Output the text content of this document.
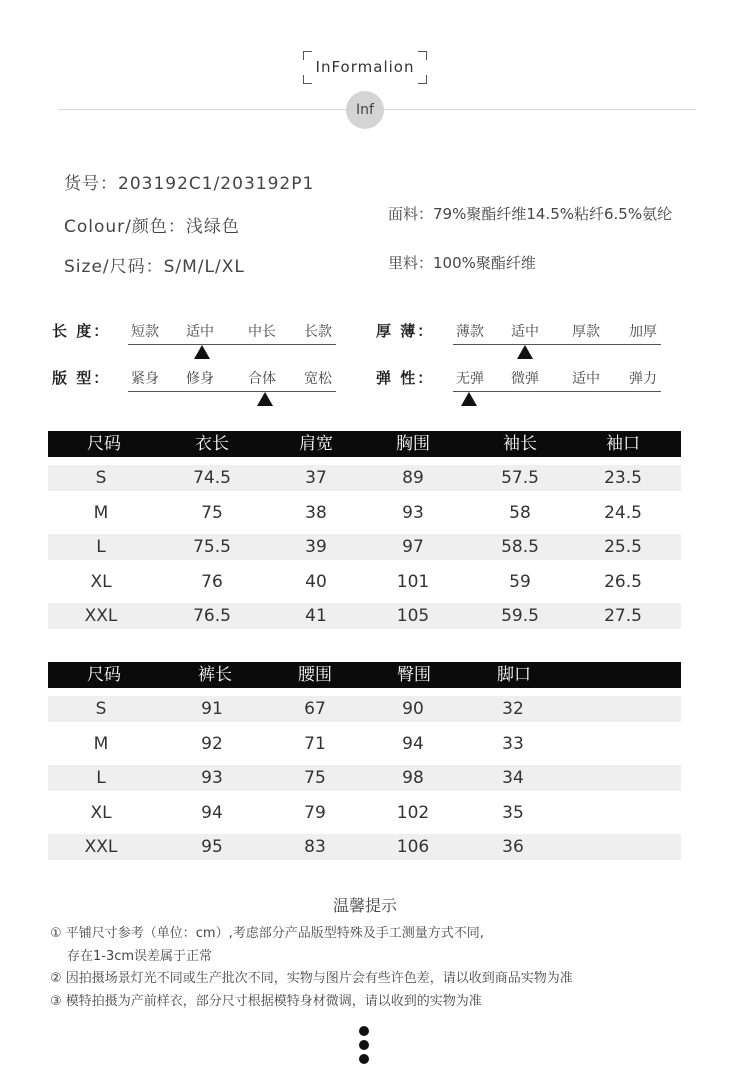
InFormalion
Inf
货号：203192C1/203192P1
Colour/颜色：浅绿色
Size/尺码：S/M/L/XL
面料：79%聚酯纤维14.5%粘纤6.5%氨纶
里料：100%聚酯纤维
长 度： 短款 适中 中长 长款
版 型： 紧身 修身 合体 宽松
厚 薄： 薄款 适中 厚款 加厚
弹 性： 无弹 微弹 适中 弹力
尺码	衣长	肩宽	胸围	袖长	袖口
S	74.5	37	89	57.5	23.5
M	75	38	93	58	24.5
L	75.5	39	97	58.5	25.5
XL	76	40	101	59	26.5
XXL	76.5	41	105	59.5	27.5
尺码	裤长	腰围	臀围	脚口
S	91	67	90	32
M	92	71	94	33
L	93	75	98	34
XL	94	79	102	35
XXL	95	83	106	36
温馨提示
① 平铺尺寸参考（单位：cm）,考虑部分产品版型特殊及手工测量方式不同,
存在1-3cm误差属于正常
② 因拍摄场景灯光不同或生产批次不同，实物与图片会有些许色差，请以收到商品实物为准
③ 模特拍摄为产前样衣，部分尺寸根据模特身材微调，请以收到的实物为准
